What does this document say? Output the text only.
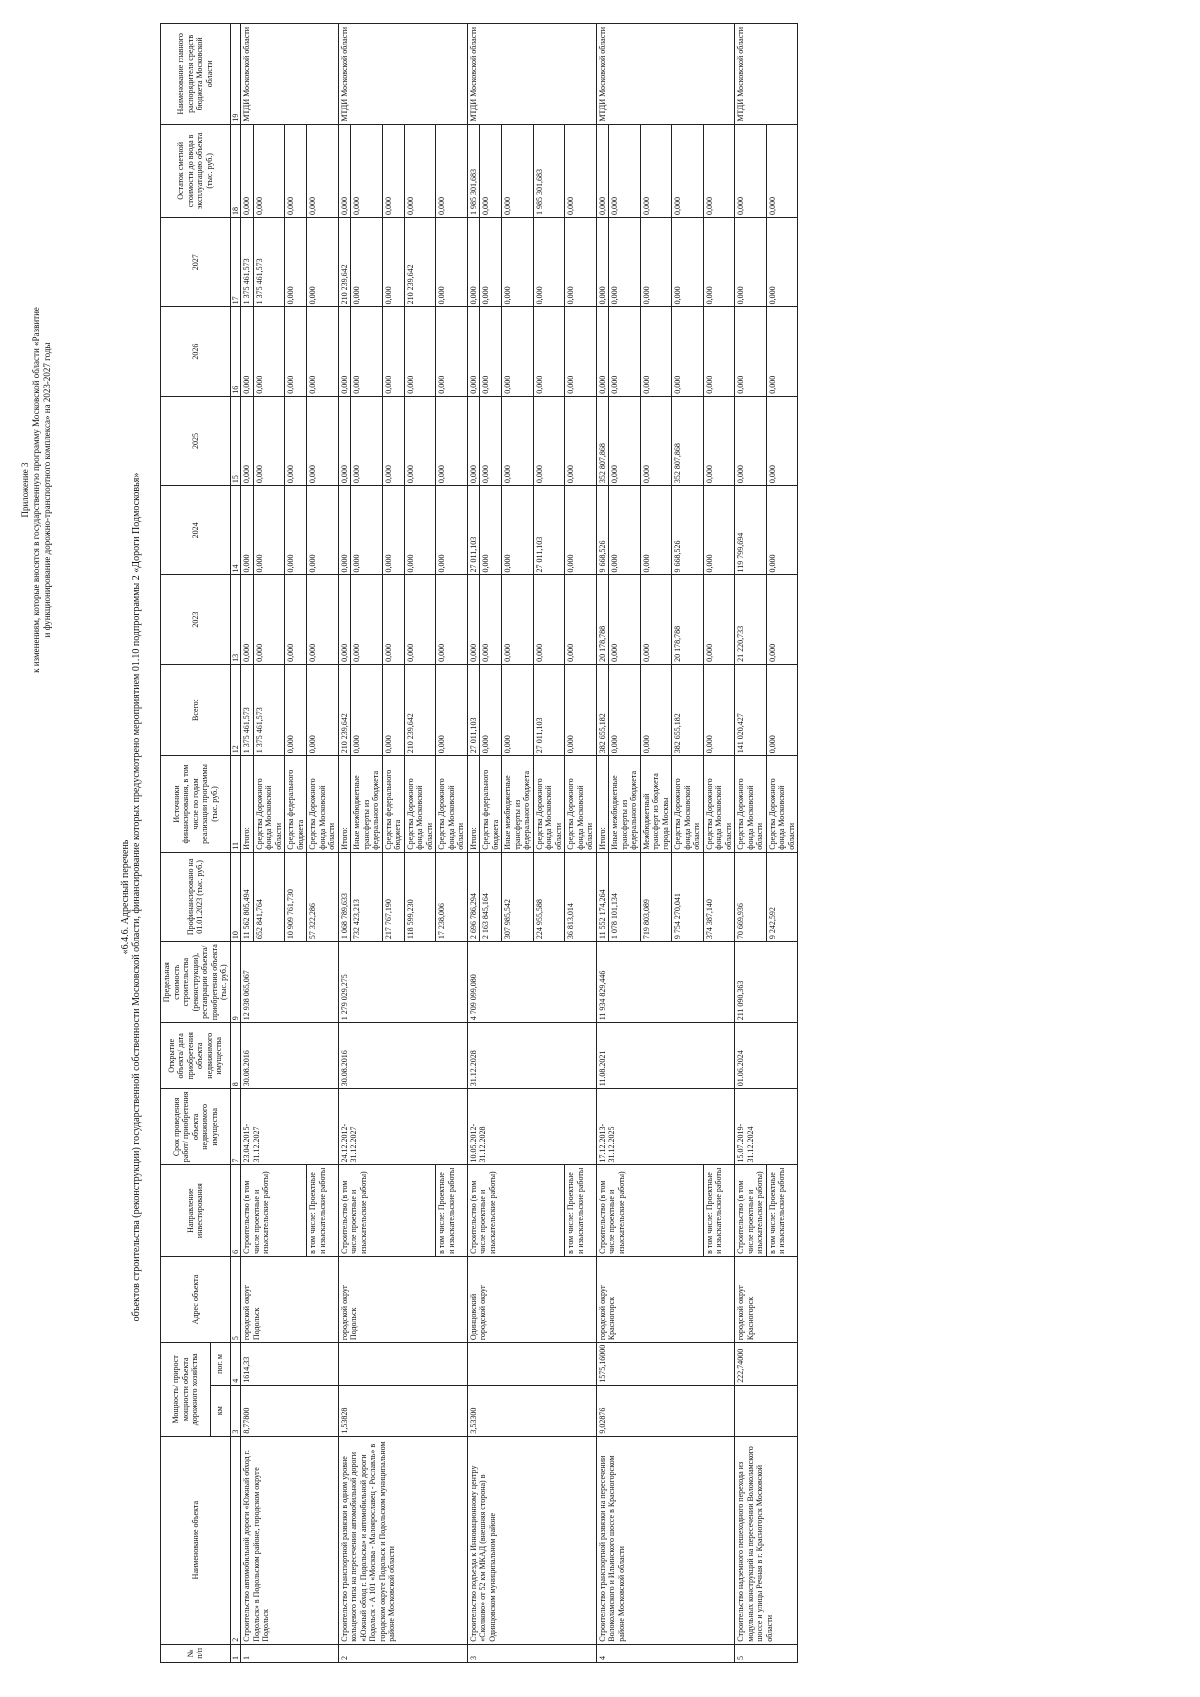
Приложение 3 к изменениям, которые вносятся в государственную программу Московской области «Развитие и функционирование дорожно-транспортного комплекса» на 2023-2027 годы
«6.4.6. Адресный перечень объектов строительства (реконструкции) государственной собственности Московской области, финансирование которых предусмотрено мероприятием 01.10 подпрограммы 2 «Дороги Подмосковья»
№ п/п	Наименование объекта	Мощность/ прирост мощности объекта дорожного хозяйства		Адрес объекта	Направление инвестирования	Срок проведения работ/ приобретения объекта недвижимого имущества	Открытие объекта/ дата приобретения объекта недвижимого имущества	Предельная стоимость строительства (реконструкции), реставрации объекта/ приобретения объекта (тыс. руб.)	Профинансировано на 01.01.2023 (тыс. руб.)	Источники финансирования, в том числе по годам реализации программы (тыс. руб.)	Всего:	2023	2024	2025	2026	2027	Остаток сметной стоимости до ввода в эксплуатацию объекта (тыс. руб.)	Наименование главного распорядителя средств бюджета Московской области
		км	пог. м															
1	2	3	4	5	6	7	8	9	10	11	12	13	14	15	16	17	18	19
1	Строительство автомобильной дороги «Южный обход г. Подольск» в Подольском районе, городском округе Подольск	8,77800	1614,33	городской округ Подольск	Строительство (в том числе проектные и изыскательские работы)	23.04.2015-31.12.2027	30.08.2016	12 938 065,067	11 562 805,494	Итого:	1 375 461,573	0,000	0,000	0,000	0,000	1 375 461,573	0,000	МТДИ Московской области
									652 841,764	Средства Дорожного фонда Московской области	1 375 461,573	0,000	0,000	0,000	0,000	1 375 461,573	0,000	
									10 909 761,730	Средства федерального бюджета	0,000	0,000	0,000	0,000	0,000	0,000	0,000	
					в том числе: Проектные и изыскательские работы				57 322,286	Средства Дорожного фонда Московской области	0,000	0,000	0,000	0,000	0,000	0,000	0,000	
2	Строительство транспортной развязки в одном уровне кольцевого типа на пересечении автомобильной дороги «Южный обход г. Подольска» и автомобильной дороги Подольск - А 101 «Москва - Малоярославец - Рославль» в городском округе Подольск и Подольском муниципальном районе Московской области	1,53828		городской округ Подольск	Строительство (в том числе проектные и изыскательские работы)	24.12.2012-31.12.2027	30.08.2016	1 279 029,275	1 068 789,633	Итого:	210 239,642	0,000	0,000	0,000	0,000	210 239,642	0,000	МТДИ Московской области
									732 423,213	Иные межбюджетные трансферты из федерального бюджета	0,000	0,000	0,000	0,000	0,000	0,000	0,000	
									217 767,190	Средства федерального бюджета	0,000	0,000	0,000	0,000	0,000	0,000	0,000	
									118 599,230	Средства Дорожного фонда Московской области	210 239,642	0,000	0,000	0,000	0,000	210 239,642	0,000	
					в том числе: Проектные и изыскательские работы				17 238,006	Средства Дорожного фонда Московской области	0,000	0,000	0,000	0,000	0,000	0,000	0,000	
3	Строительство подъезда к Инновационному центру «Сколково» от 52 км МКАД (внешняя сторона) в Одинцовском муниципальном районе	3,53300		Одинцовский городской округ	Строительство (в том числе проектные и изыскательские работы)	10.05.2012-31.12.2028	31.12.2028	4 709 099,080	2 696 786,294	Итого:	27 011,103	0,000	27 011,103	0,000	0,000	0,000	1 985 301,683	МТДИ Московской области
									2 163 845,164	Средства федерального бюджета	0,000	0,000	0,000	0,000	0,000	0,000	0,000	
									307 985,542	Иные межбюджетные трансферты из федерального бюджета	0,000	0,000	0,000	0,000	0,000	0,000	0,000	
									224 955,588	Средства Дорожного фонда Московской области	27 011,103	0,000	27 011,103	0,000	0,000	0,000	1 985 301,683	
					в том числе: Проектные и изыскательские работы				36 813,014	Средства Дорожного фонда Московской области	0,000	0,000	0,000	0,000	0,000	0,000	0,000	
4	Строительство транспортной развязки на пересечении Волоколамского и Ильинского шоссе в Красногорском районе Московской области	9,02876	1575,16000	городской округ Красногорск	Строительство (в том числе проектные и изыскательские работы)	17.12.2013-31.12.2025	11.08.2021	11 934 829,446	11 552 174,264	Итого:	382 655,182	20 178,788	9 668,526	352 807,868	0,000	0,000	0,000	МТДИ Московской области
									1 078 101,134	Иные межбюджетные трансферты из федерального бюджета	0,000	0,000	0,000	0,000	0,000	0,000	0,000	
									719 803,089	Межбюджетный трансферт из бюджета города Москвы	0,000	0,000	0,000	0,000	0,000	0,000	0,000	
									9 754 270,041	Средства Дорожного фонда Московской области	382 655,182	20 178,788	9 668,526	352 807,868	0,000	0,000	0,000	
					в том числе: Проектные и изыскательские работы				374 387,140	Средства Дорожного фонда Московской области	0,000	0,000	0,000	0,000	0,000	0,000	0,000	
5	Строительство надземного пешеходного перехода из модульных конструкций на пересечении Волоколамского шоссе и улицы Речная в г. Красногорск Московской области		222,74000	городской округ Красногорск	Строительство (в том числе проектные и изыскательские работы)	15.07.2019-31.12.2024	01.06.2024	211 090,363	70 669,936	Средства Дорожного фонда Московской области	141 020,427	21 220,733	119 799,694	0,000	0,000	0,000	0,000	МТДИ Московской области
					в том числе: Проектные и изыскательские работы				9 242,592	Средства Дорожного фонда Московской области	0,000	0,000	0,000	0,000	0,000	0,000	0,000	
